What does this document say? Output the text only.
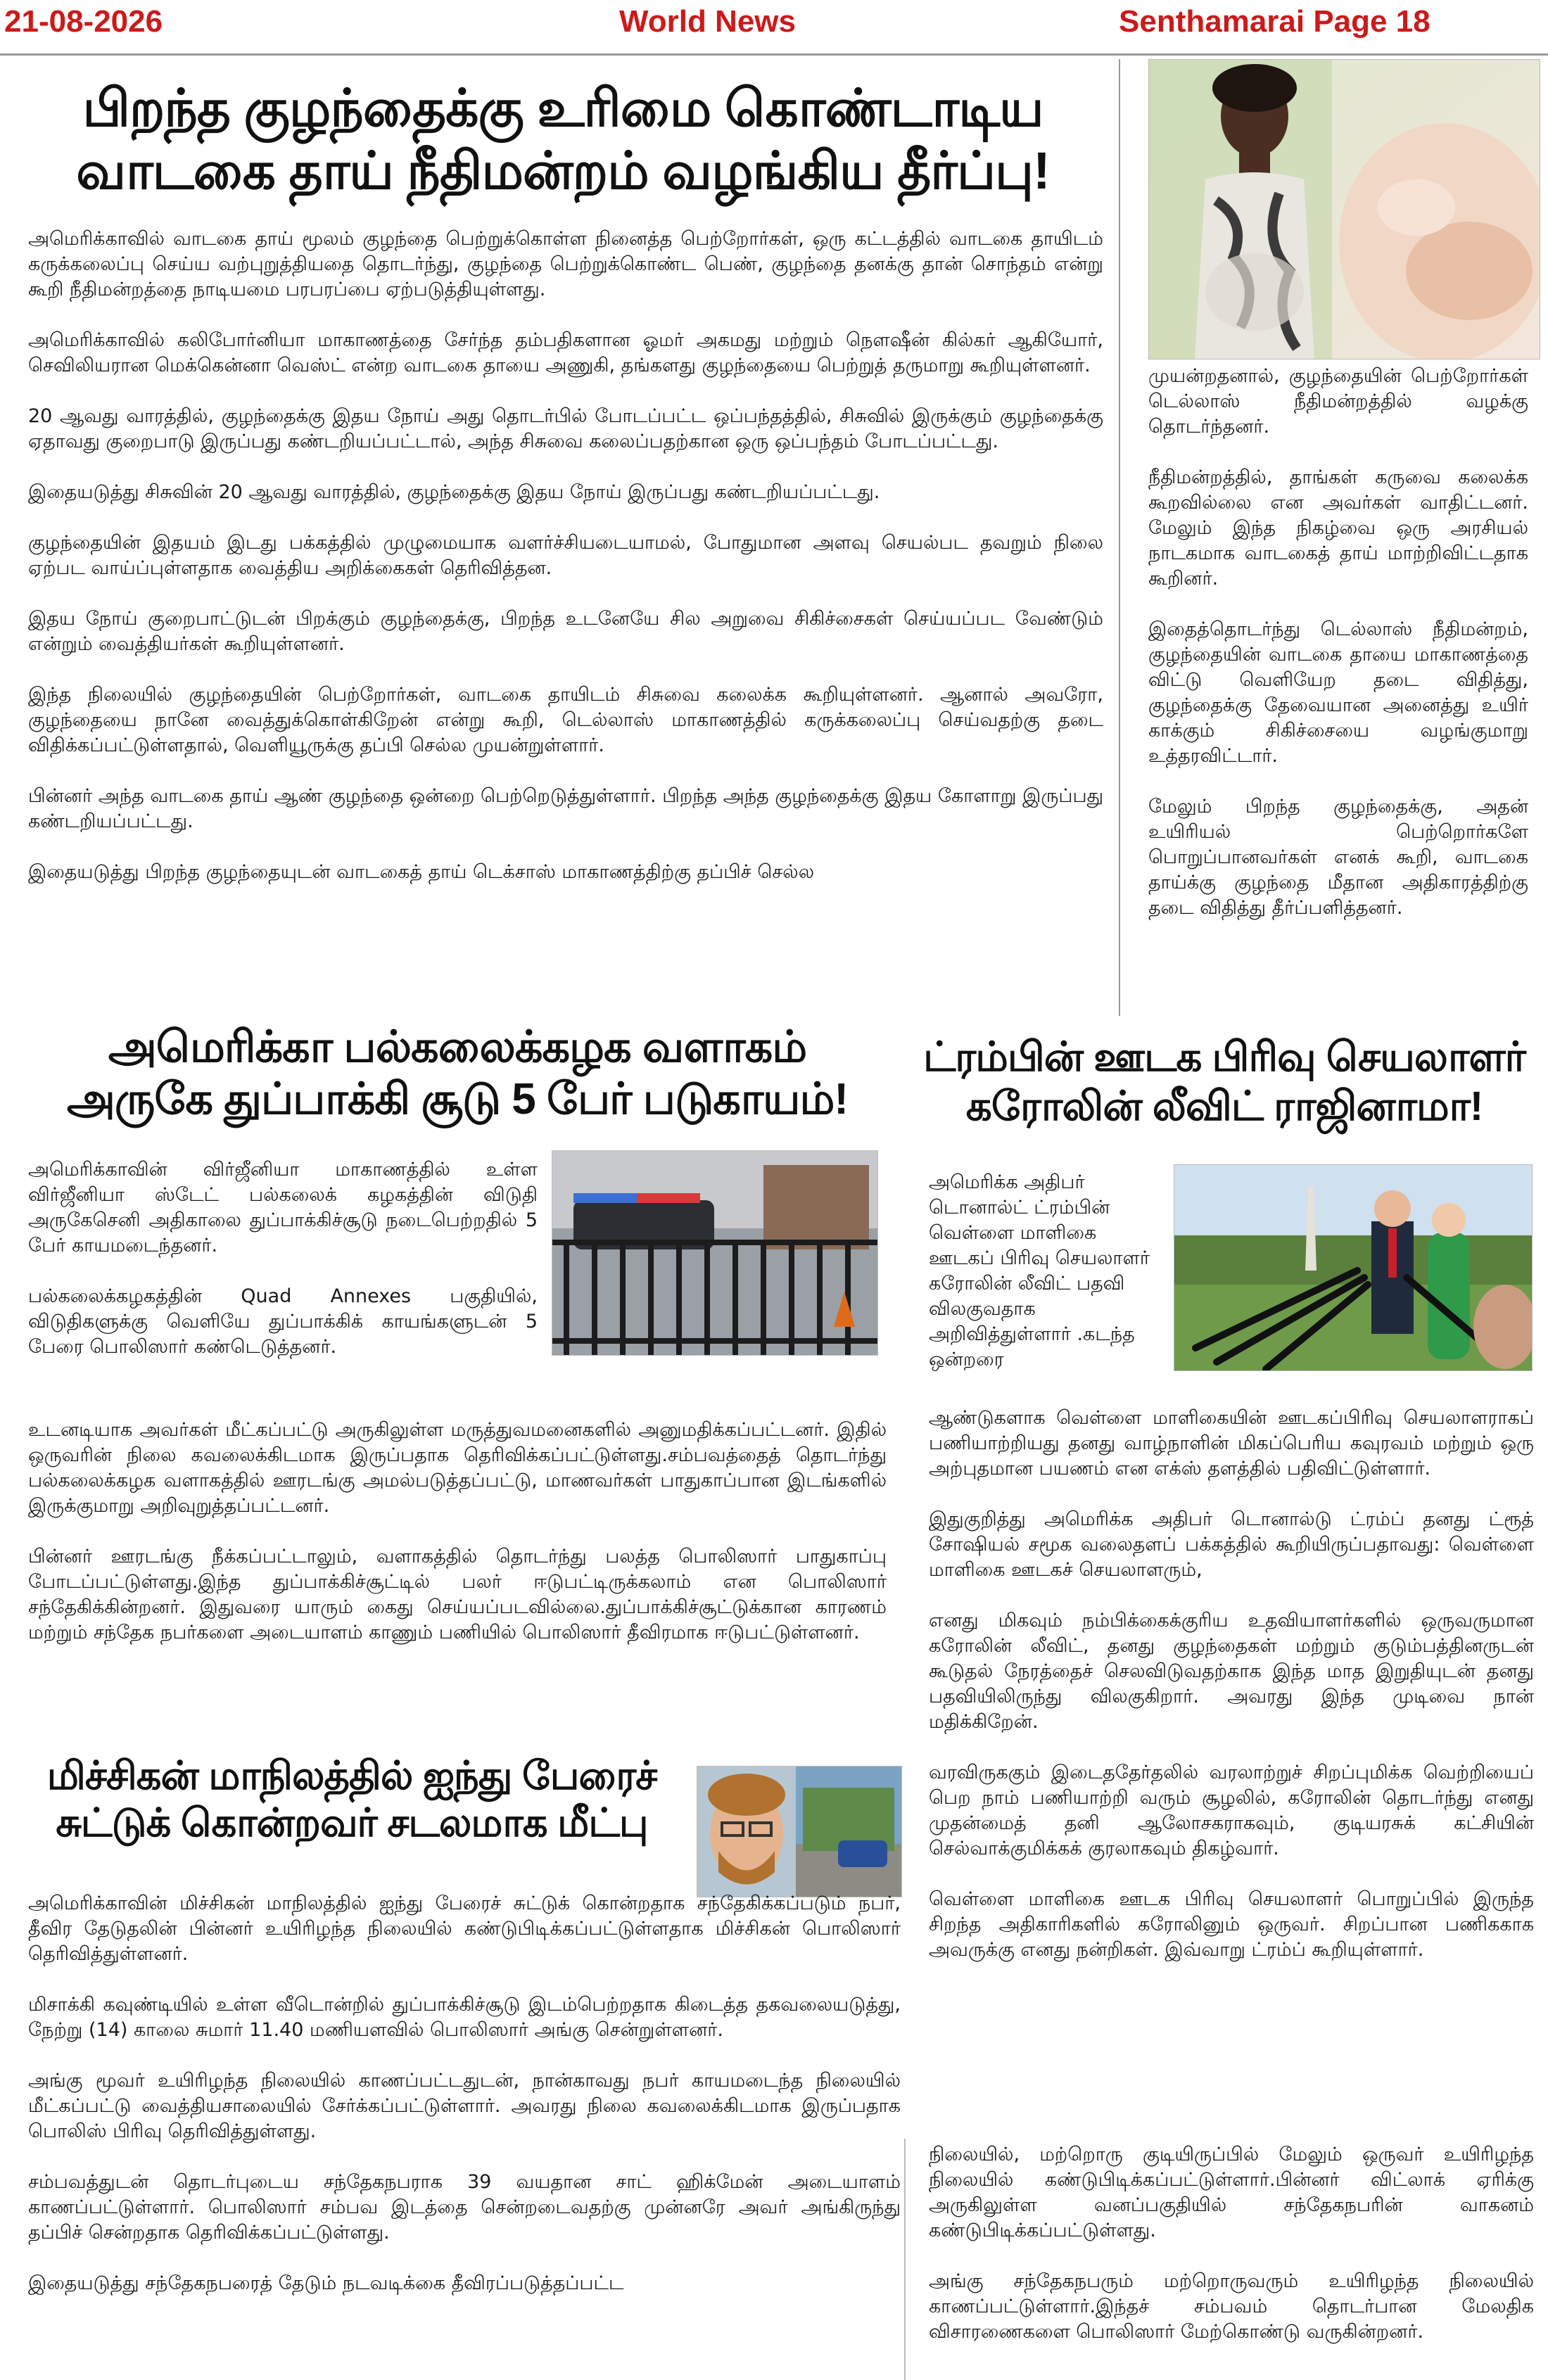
21-08-2026	World News	Senthamarai Page 18
பிறந்த குழந்தைக்கு உரிமை கொண்டாடிய
வாடகை தாய் நீதிமன்றம் வழங்கிய தீர்ப்பு!

அமெரிக்காவில் வாடகை தாய் மூலம் குழந்தை பெற்றுக்கொள்ள நினைத்த பெற்றோர்கள், ஒரு கட்டத்தில் வாடகை தாயிடம் கருக்கலைப்பு செய்ய வற்புறுத்தியதை தொடர்ந்து, குழந்தை பெற்றுக்கொண்ட பெண், குழந்தை தனக்கு தான் சொந்தம் என்று கூறி நீதிமன்றத்தை நாடியமை பரபரப்பை ஏற்படுத்தியுள்ளது.

அமெரிக்காவில் கலிபோர்னியா மாகாணத்தை சேர்ந்த தம்பதிகளான ஓமர் அகமது மற்றும் நௌஷீன் கில்கர் ஆகியோர், செவிலியரான மெக்கென்னா வெஸ்ட் என்ற வாடகை தாயை அணுகி, தங்களது குழந்தையை பெற்றுத் தருமாறு கூறியுள்ளனர்.

20 ஆவது வாரத்தில், குழந்தைக்கு இதய நோய் அது தொடர்பில் போடப்பட்ட ஒப்பந்தத்தில், சிசுவில் இருக்கும் குழந்தைக்கு ஏதாவது குறைபாடு இருப்பது கண்டறியப்பட்டால், அந்த சிசுவை கலைப்பதற்கான ஒரு ஒப்பந்தம் போடப்பட்டது.

இதையடுத்து சிசுவின் 20 ஆவது வாரத்தில், குழந்தைக்கு இதய நோய் இருப்பது கண்டறியப்பட்டது.

குழந்தையின் இதயம் இடது பக்கத்தில் முழுமையாக வளர்ச்சியடையாமல், போதுமான அளவு செயல்பட தவறும் நிலை ஏற்பட வாய்ப்புள்ளதாக வைத்திய அறிக்கைகள் தெரிவித்தன.

இதய நோய் குறைபாட்டுடன் பிறக்கும் குழந்தைக்கு, பிறந்த உடனேயே சில அறுவை சிகிச்சைகள் செய்யப்பட வேண்டும் என்றும் வைத்தியர்கள் கூறியுள்ளனர்.

இந்த நிலையில் குழந்தையின் பெற்றோர்கள், வாடகை தாயிடம் சிசுவை கலைக்க கூறியுள்ளனர். ஆனால் அவரோ, குழந்தையை நானே வைத்துக்கொள்கிறேன் என்று கூறி, டெல்லாஸ் மாகாணத்தில் கருக்கலைப்பு செய்வதற்கு தடை விதிக்கப்பட்டுள்ளதால், வெளியூருக்கு தப்பி செல்ல முயன்றுள்ளார்.

பின்னர் அந்த வாடகை தாய் ஆண் குழந்தை ஒன்றை பெற்றெடுத்துள்ளார். பிறந்த அந்த குழந்தைக்கு இதய கோளாறு இருப்பது கண்டறியப்பட்டது.

இதையடுத்து பிறந்த குழந்தையுடன் வாடகைத் தாய் டெக்சாஸ் மாகாணத்திற்கு தப்பிச் செல்ல

முயன்றதனால், குழந்தையின் பெற்றோர்கள் டெல்லாஸ் நீதிமன்றத்தில் வழக்கு தொடர்ந்தனர்.

நீதிமன்றத்தில், தாங்கள் கருவை கலைக்க கூறவில்லை என அவர்கள் வாதிட்டனர். மேலும் இந்த நிகழ்வை ஒரு அரசியல் நாடகமாக வாடகைத் தாய் மாற்றிவிட்டதாக கூறினர்.

இதைத்தொடர்ந்து டெல்லாஸ் நீதிமன்றம், குழந்தையின் வாடகை தாயை மாகாணத்தை விட்டு வெளியேற தடை விதித்து, குழந்தைக்கு தேவையான அனைத்து உயிர் காக்கும் சிகிச்சையை வழங்குமாறு உத்தரவிட்டார்.

மேலும் பிறந்த குழந்தைக்கு, அதன் உயிரியல் பெற்றொர்களே பொறுப்பானவர்கள் எனக் கூறி, வாடகை தாய்க்கு குழந்தை மீதான அதிகாரத்திற்கு தடை விதித்து தீர்ப்பளித்தனர்.

அமெரிக்கா பல்கலைக்கழக வளாகம்
அருகே துப்பாக்கி சூடு 5 பேர் படுகாயம்!

அமெரிக்காவின் விர்ஜீனியா மாகாணத்தில் உள்ள விர்ஜீனியா ஸ்டேட் பல்கலைக் கழகத்தின் விடுதி அருகேசெனி அதிகாலை துப்பாக்கிச்சூடு நடைபெற்றதில் 5 பேர் காயமடைந்தனர்.

பல்கலைக்கழகத்தின் Quad Annexes பகுதியில், விடுதிகளுக்கு வெளியே துப்பாக்கிக் காயங்களுடன் 5 பேரை பொலிஸார் கண்டெடுத்தனர்.

உடனடியாக அவர்கள் மீட்கப்பட்டு அருகிலுள்ள மருத்துவமனைகளில் அனுமதிக்கப்பட்டனர். இதில் ஒருவரின் நிலை கவலைக்கிடமாக இருப்பதாக தெரிவிக்கப்பட்டுள்ளது.சம்பவத்தைத் தொடர்ந்து பல்கலைக்கழக வளாகத்தில் ஊரடங்கு அமல்படுத்தப்பட்டு, மாணவர்கள் பாதுகாப்பான இடங்களில் இருக்குமாறு அறிவுறுத்தப்பட்டனர்.

பின்னர் ஊரடங்கு நீக்கப்பட்டாலும், வளாகத்தில் தொடர்ந்து பலத்த பொலிஸார் பாதுகாப்பு போடப்பட்டுள்ளது.இந்த துப்பாக்கிச்சூட்டில் பலர் ஈடுபட்டிருக்கலாம் என பொலிஸார் சந்தேகிக்கின்றனர். இதுவரை யாரும் கைது செய்யப்படவில்லை.துப்பாக்கிச்சூட்டுக்கான காரணம் மற்றும் சந்தேக நபர்களை அடையாளம் காணும் பணியில் பொலிஸார் தீவிரமாக ஈடுபட்டுள்ளனர்.

ட்ரம்பின் ஊடக பிரிவு செயலாளர்
கரோலின் லீவிட் ராஜினாமா!

அமெரிக்க அதிபர் டொனால்ட் ட்ரம்பின் வெள்ளை மாளிகை ஊடகப் பிரிவு செயலாளர் கரோலின் லீவிட் பதவி விலகுவதாக அறிவித்துள்ளார் .கடந்த ஒன்றரை

ஆண்டுகளாக வெள்ளை மாளிகையின் ஊடகப்பிரிவு செயலாளராகப் பணியாற்றியது தனது வாழ்நாளின் மிகப்பெரிய கவுரவம் மற்றும் ஒரு அற்புதமான பயணம் என எக்ஸ் தளத்தில் பதிவிட்டுள்ளார்.

இதுகுறித்து அமெரிக்க அதிபர் டொனால்டு ட்ரம்ப் தனது ட்ரூத் சோஷியல் சமூக வலைதளப் பக்கத்தில் கூறியிருப்பதாவது: வெள்ளை மாளிகை ஊடகச் செயலாளரும்,

எனது மிகவும் நம்பிக்கைக்குரிய உதவியாளர்களில் ஒருவருமான கரோலின் லீவிட், தனது குழந்தைகள் மற்றும் குடும்பத்தினருடன் கூடுதல் நேரத்தைச் செலவிடுவதற்காக இந்த மாத இறுதியுடன் தனது பதவியிலிருந்து விலகுகிறார். அவரது இந்த முடிவை நான் மதிக்கிறேன்.

வரவிருககும் இடைததேர்தலில் வரலாற்றுச் சிறப்புமிக்க வெற்றியைப் பெற நாம் பணியாற்றி வரும் சூழலில், கரோலின் தொடர்ந்து எனது முதன்மைத் தனி ஆலோசகராகவும், குடியரசுக் கட்சியின் செல்வாக்குமிக்கக் குரலாகவும் திகழ்வார்.

வெள்ளை மாளிகை ஊடக பிரிவு செயலாளர் பொறுப்பில் இருந்த சிறந்த அதிகாரிகளில் கரோலினும் ஒருவர். சிறப்பான பணிககாக அவருக்கு எனது நன்றிகள். இவ்வாறு ட்ரம்ப் கூறியுள்ளார்.

மிச்சிகன் மாநிலத்தில் ஐந்து பேரைச்
சுட்டுக் கொன்றவர் சடலமாக மீட்பு

அமெரிக்காவின் மிச்சிகன் மாநிலத்தில் ஐந்து பேரைச் சுட்டுக் கொன்றதாக சந்தேகிக்கப்படும் நபர், தீவிர தேடுதலின் பின்னர் உயிரிழந்த நிலையில் கண்டுபிடிக்கப்பட்டுள்ளதாக மிச்சிகன் பொலிஸார் தெரிவித்துள்ளனர்.

மிசாக்கி கவுண்டியில் உள்ள வீடொன்றில் துப்பாக்கிச்சூடு இடம்பெற்றதாக கிடைத்த தகவலையடுத்து, நேற்று (14) காலை சுமார் 11.40 மணியளவில் பொலிஸார் அங்கு சென்றுள்ளனர்.

அங்கு மூவர் உயிரிழந்த நிலையில் காணப்பட்டதுடன், நான்காவது நபர் காயமடைந்த நிலையில் மீட்கப்பட்டு வைத்தியசாலையில் சேர்க்கப்பட்டுள்ளார். அவரது நிலை கவலைக்கிடமாக இருப்பதாக பொலிஸ் பிரிவு தெரிவித்துள்ளது.

சம்பவத்துடன் தொடர்புடைய சந்தேகநபராக 39 வயதான சாட் ஹிக்மேன் அடையாளம் காணப்பட்டுள்ளார். பொலிஸார் சம்பவ இடத்தை சென்றடைவதற்கு முன்னரே அவர் அங்கிருந்து தப்பிச் சென்றதாக தெரிவிக்கப்பட்டுள்ளது.

இதையடுத்து சந்தேகநபரைத் தேடும் நடவடிக்கை தீவிரப்படுத்தப்பட்ட

நிலையில், மற்றொரு குடியிருப்பில் மேலும் ஒருவர் உயிரிழந்த நிலையில் கண்டுபிடிக்கப்பட்டுள்ளார்.பின்னர் விட்லாக் ஏரிக்கு அருகிலுள்ள வனப்பகுதியில் சந்தேகநபரின் வாகனம் கண்டுபிடிக்கப்பட்டுள்ளது.

அங்கு சந்தேகநபரும் மற்றொருவரும் உயிரிழந்த நிலையில் காணப்பட்டுள்ளார்.இந்தச் சம்பவம் தொடர்பான மேலதிக விசாரணைகளை பொலிஸார் மேற்கொண்டு வருகின்றனர்.
